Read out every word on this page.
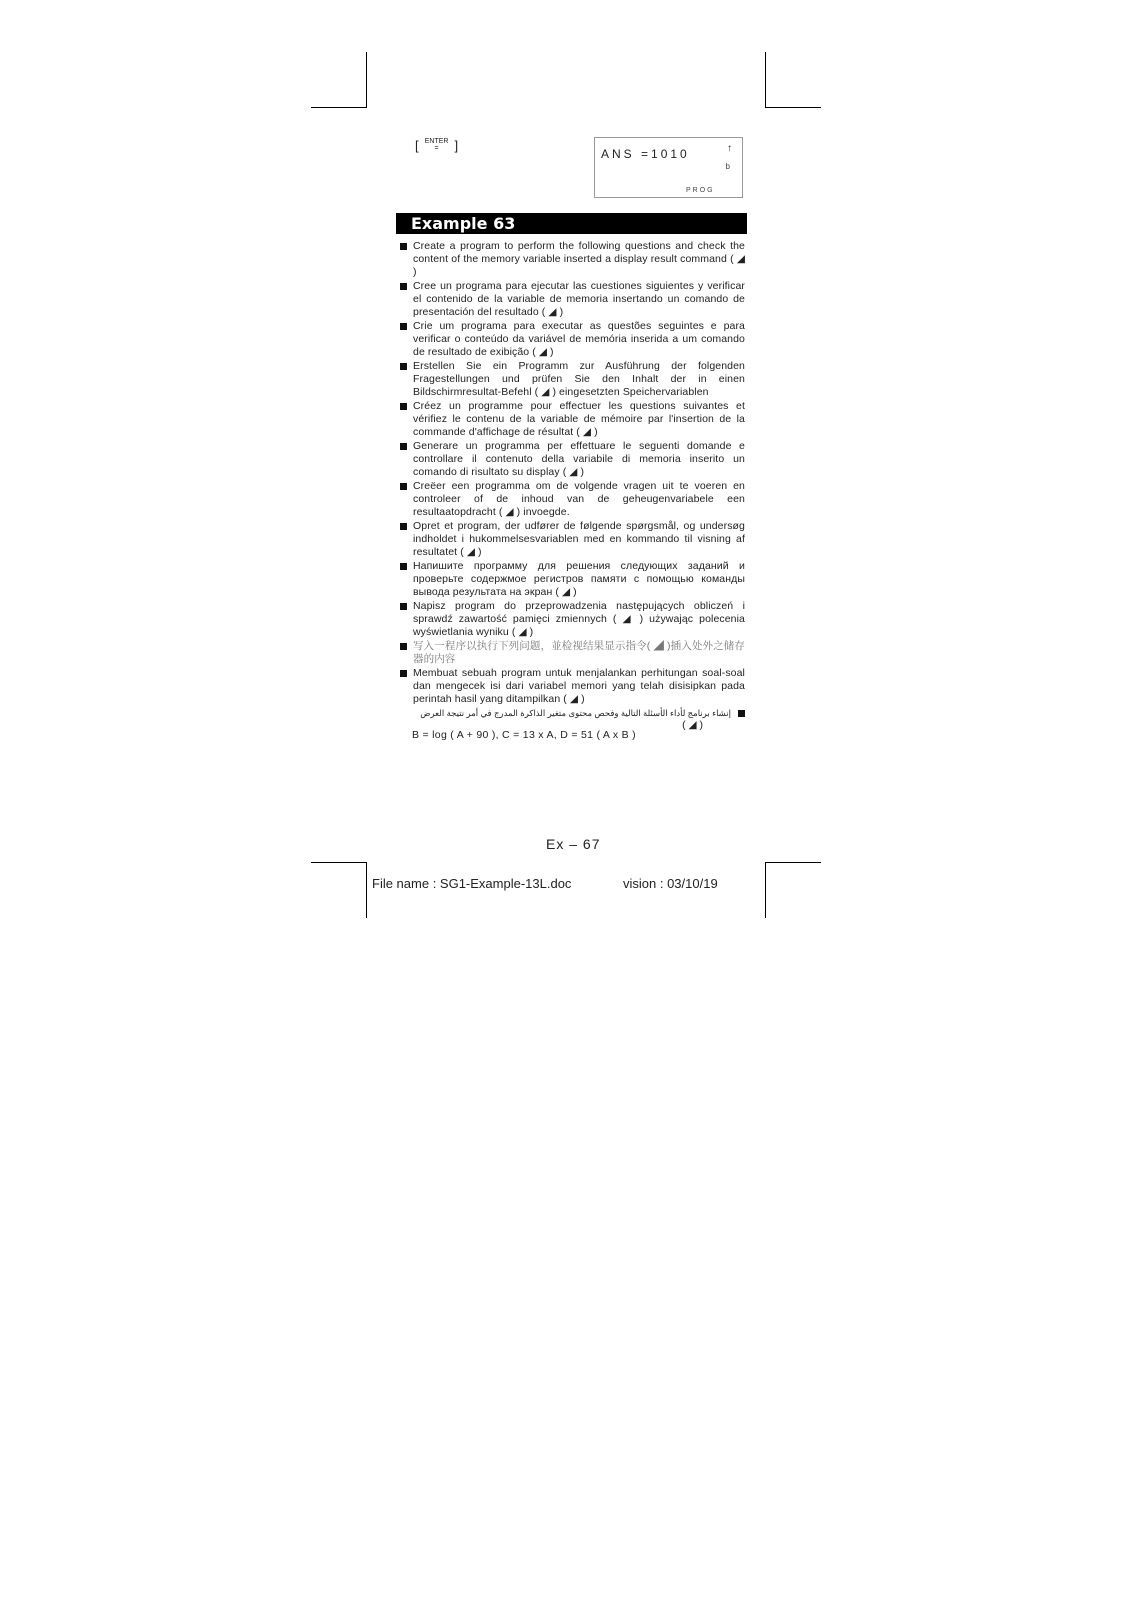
[ ENTER
= ]
ANS =1010	↑
b
PROG
Example 63
Create a program to perform the following questions and check the content of the memory variable inserted a display result command ( ◢ )
Cree un programa para ejecutar las cuestiones siguientes y verificar el contenido de la variable de memoria insertando un comando de presentación del resultado ( ◢ )
Crie um programa para executar as questões seguintes e para verificar o conteúdo da variável de memória inserida a um comando de resultado de exibição ( ◢ )
Erstellen Sie ein Programm zur Ausführung der folgenden Fragestellungen und prüfen Sie den Inhalt der in einen Bildschirmresultat-Befehl ( ◢ ) eingesetzten Speichervariablen
Créez un programme pour effectuer les questions suivantes et vérifiez le contenu de la variable de mémoire par l'insertion de la commande d'affichage de résultat ( ◢ )
Generare un programma per effettuare le seguenti domande e controllare il contenuto della variabile di memoria inserito un comando di risultato su display ( ◢ )
Creëer een programma om de volgende vragen uit te voeren en controleer of de inhoud van de geheugenvariabele een resultaatopdracht ( ◢ ) invoegde.
Opret et program, der udfører de følgende spørgsmål, og undersøg indholdet i hukommelsesvariablen med en kommando til visning af resultatet ( ◢ )
Напишите программу для решения следующих заданий и проверьте содержмое регистров памяти с помощью команды вывода результата на экран ( ◢ )
Napisz program do przeprowadzenia następujących obliczeń i sprawdź zawartość pamięci zmiennych ( ◢ ) używając polecenia wyświetlania wyniku ( ◢ )
写入一程序以执行下列问题，並检视结果显示指令( ◢ )插入处外之储存器的内容
Membuat sebuah program untuk menjalankan perhitungan soal-soal dan mengecek isi dari variabel memori yang telah disisipkan pada perintah hasil yang ditampilkan ( ◢ )
إنشاء برنامج لأداء الأسئلة التالية وفحص محتوى متغير الذاكرة المدرج في أمر نتيجة العرض
( ◢ )
B = log ( A + 90 ), C = 13 x A, D = 51 ( A x B )
Ex – 67
File name : SG1-Example-13L.doc	vision : 03/10/19
